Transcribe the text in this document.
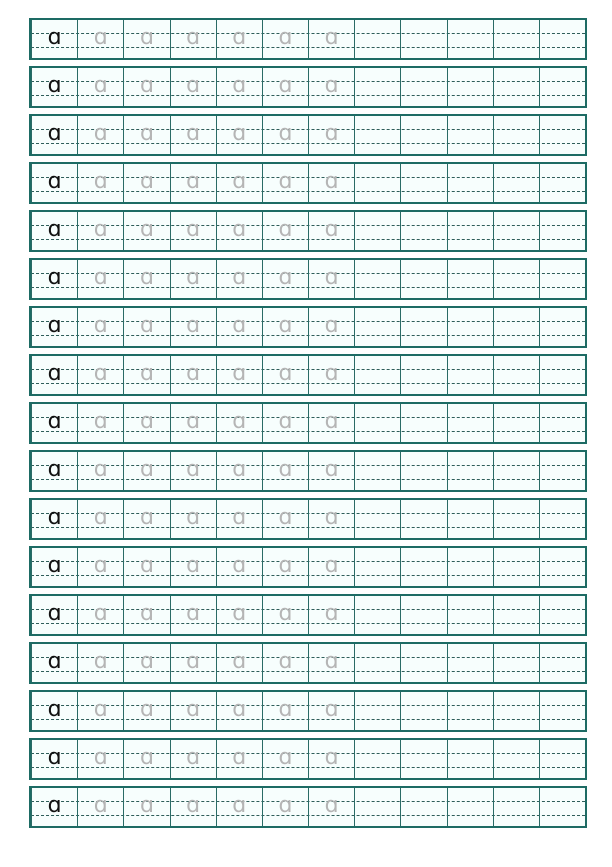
ɑ ɑ ɑ ɑ ɑ ɑ ɑ
ɑ ɑ ɑ ɑ ɑ ɑ ɑ
ɑ ɑ ɑ ɑ ɑ ɑ ɑ
ɑ ɑ ɑ ɑ ɑ ɑ ɑ
ɑ ɑ ɑ ɑ ɑ ɑ ɑ
ɑ ɑ ɑ ɑ ɑ ɑ ɑ
ɑ ɑ ɑ ɑ ɑ ɑ ɑ
ɑ ɑ ɑ ɑ ɑ ɑ ɑ
ɑ ɑ ɑ ɑ ɑ ɑ ɑ
ɑ ɑ ɑ ɑ ɑ ɑ ɑ
ɑ ɑ ɑ ɑ ɑ ɑ ɑ
ɑ ɑ ɑ ɑ ɑ ɑ ɑ
ɑ ɑ ɑ ɑ ɑ ɑ ɑ
ɑ ɑ ɑ ɑ ɑ ɑ ɑ
ɑ ɑ ɑ ɑ ɑ ɑ ɑ
ɑ ɑ ɑ ɑ ɑ ɑ ɑ
ɑ ɑ ɑ ɑ ɑ ɑ ɑ
